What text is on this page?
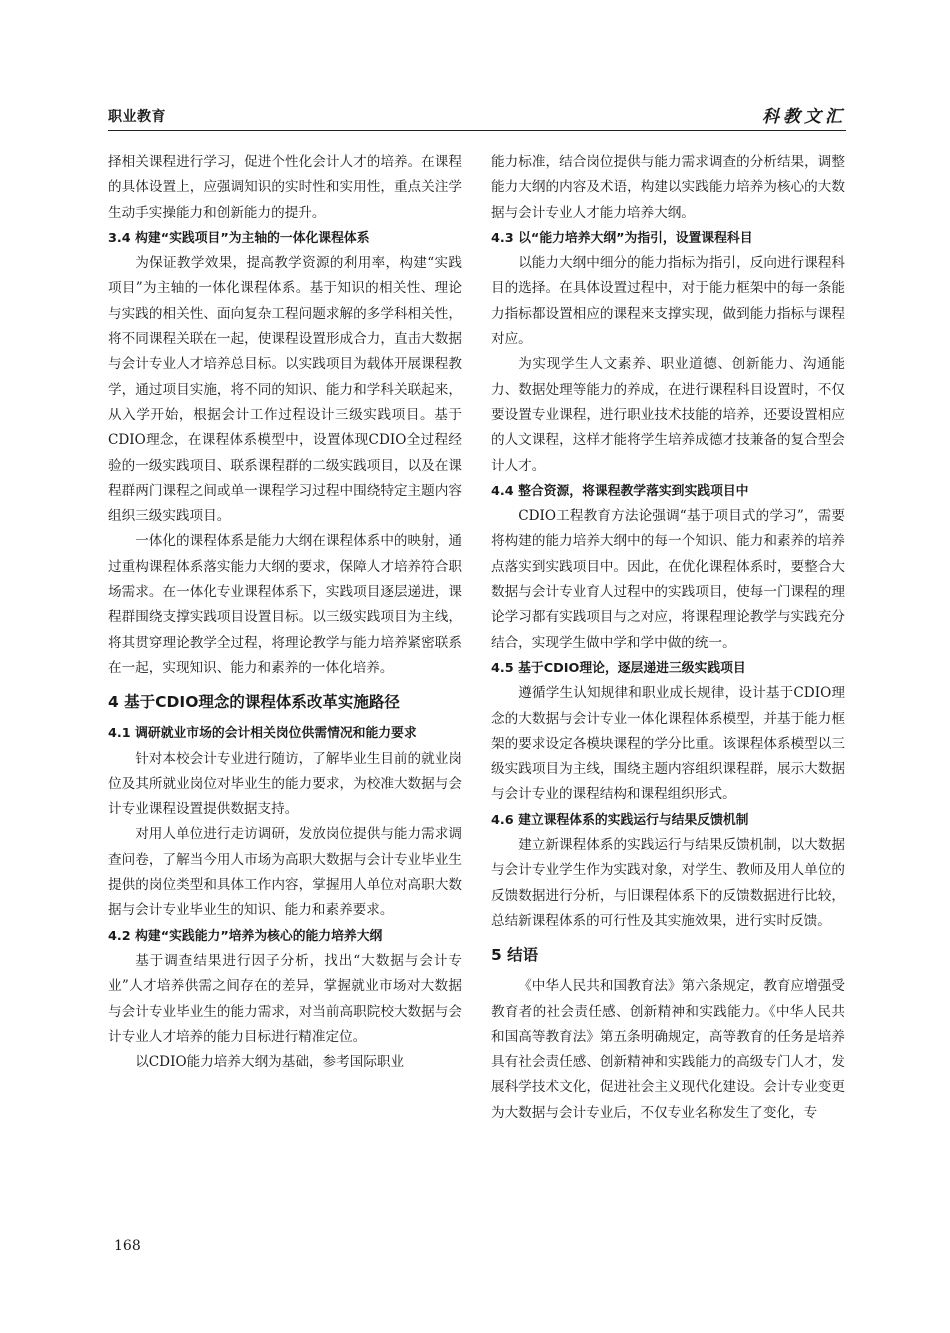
职业教育	科教文汇

择相关课程进行学习，促进个性化会计人才的培养。在课程的具体设置上，应强调知识的实时性和实用性，重点关注学生动手实操能力和创新能力的提升。

3.4 构建“实践项目”为主轴的一体化课程体系

为保证教学效果，提高教学资源的利用率，构建“实践项目”为主轴的一体化课程体系。基于知识的相关性、理论与实践的相关性、面向复杂工程问题求解的多学科相关性，将不同课程关联在一起，使课程设置形成合力，直击大数据与会计专业人才培养总目标。以实践项目为载体开展课程教学，通过项目实施，将不同的知识、能力和学科关联起来，从入学开始，根据会计工作过程设计三级实践项目。基于CDIO理念，在课程体系模型中，设置体现CDIO全过程经验的一级实践项目、联系课程群的二级实践项目，以及在课程群两门课程之间或单一课程学习过程中围绕特定主题内容组织三级实践项目。

一体化的课程体系是能力大纲在课程体系中的映射，通过重构课程体系落实能力大纲的要求，保障人才培养符合职场需求。在一体化专业课程体系下，实践项目逐层递进，课程群围绕支撑实践项目设置目标。以三级实践项目为主线，将其贯穿理论教学全过程，将理论教学与能力培养紧密联系在一起，实现知识、能力和素养的一体化培养。

4 基于CDIO理念的课程体系改革实施路径
4.1 调研就业市场的会计相关岗位供需情况和能力要求

针对本校会计专业进行随访，了解毕业生目前的就业岗位及其所就业岗位对毕业生的能力要求，为校准大数据与会计专业课程设置提供数据支持。

对用人单位进行走访调研，发放岗位提供与能力需求调查问卷，了解当今用人市场为高职大数据与会计专业毕业生提供的岗位类型和具体工作内容，掌握用人单位对高职大数据与会计专业毕业生的知识、能力和素养要求。

4.2 构建“实践能力”培养为核心的能力培养大纲

基于调查结果进行因子分析，找出“大数据与会计专业”人才培养供需之间存在的差异，掌握就业市场对大数据与会计专业毕业生的能力需求，对当前高职院校大数据与会计专业人才培养的能力目标进行精准定位。

以CDIO能力培养大纲为基础，参考国际职业

能力标准，结合岗位提供与能力需求调查的分析结果，调整能力大纲的内容及术语，构建以实践能力培养为核心的大数据与会计专业人才能力培养大纲。

4.3 以“能力培养大纲”为指引，设置课程科目

以能力大纲中细分的能力指标为指引，反向进行课程科目的选择。在具体设置过程中，对于能力框架中的每一条能力指标都设置相应的课程来支撑实现，做到能力指标与课程对应。

为实现学生人文素养、职业道德、创新能力、沟通能力、数据处理等能力的养成，在进行课程科目设置时，不仅要设置专业课程，进行职业技术技能的培养，还要设置相应的人文课程，这样才能将学生培养成德才技兼备的复合型会计人才。

4.4 整合资源，将课程教学落实到实践项目中

CDIO工程教育方法论强调“基于项目式的学习”，需要将构建的能力培养大纲中的每一个知识、能力和素养的培养点落实到实践项目中。因此，在优化课程体系时，要整合大数据与会计专业育人过程中的实践项目，使每一门课程的理论学习都有实践项目与之对应，将课程理论教学与实践充分结合，实现学生做中学和学中做的统一。

4.5 基于CDIO理论，逐层递进三级实践项目

遵循学生认知规律和职业成长规律，设计基于CDIO理念的大数据与会计专业一体化课程体系模型，并基于能力框架的要求设定各模块课程的学分比重。该课程体系模型以三级实践项目为主线，围绕主题内容组织课程群，展示大数据与会计专业的课程结构和课程组织形式。

4.6 建立课程体系的实践运行与结果反馈机制

建立新课程体系的实践运行与结果反馈机制，以大数据与会计专业学生作为实践对象，对学生、教师及用人单位的反馈数据进行分析，与旧课程体系下的反馈数据进行比较，总结新课程体系的可行性及其实施效果，进行实时反馈。

5 结语

《中华人民共和国教育法》第六条规定，教育应增强受教育者的社会责任感、创新精神和实践能力。《中华人民共和国高等教育法》第五条明确规定，高等教育的任务是培养具有社会责任感、创新精神和实践能力的高级专门人才，发展科学技术文化，促进社会主义现代化建设。会计专业变更为大数据与会计专业后，不仅专业名称发生了变化，专

168
